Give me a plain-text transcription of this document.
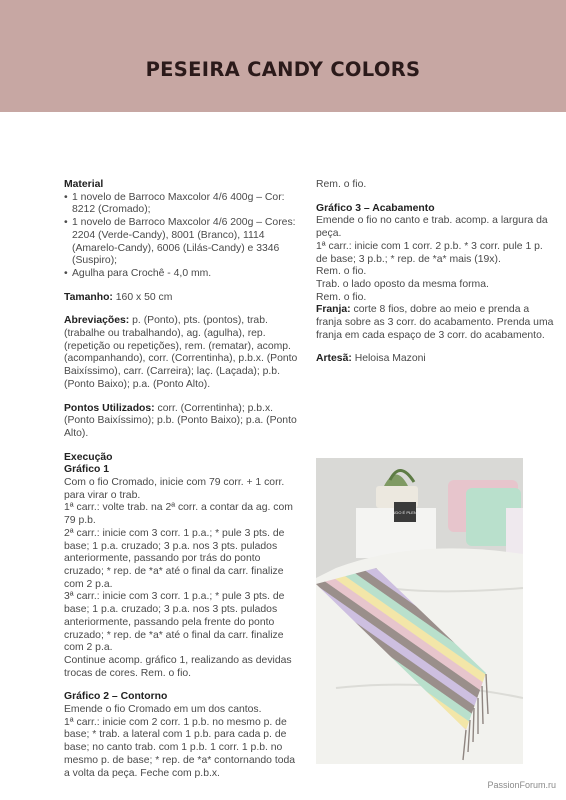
PESEIRA CANDY COLORS

Material

• 1 novelo de Barroco Maxcolor 4/6 400g – Cor: 8212 (Cromado);
• 1 novelo de Barroco Maxcolor 4/6 200g – Cores: 2204 (Verde-Candy), 8001 (Branco), 1114 (Amarelo-Candy), 6006 (Lilás-Candy) e 3346 (Suspiro);
• Agulha para Crochê - 4,0 mm.

Tamanho: 160 x 50 cm

Abreviações: p. (Ponto), pts. (pontos), trab. (trabalhe ou trabalhando), ag. (agulha), rep. (repetição ou repetições), rem. (rematar), acomp. (acompanhando), corr. (Correntinha), p.b.x. (Ponto Baixíssimo), carr. (Carreira); laç. (Laçada); p.b. (Ponto Baixo); p.a. (Ponto Alto).

Pontos Utilizados: corr. (Correntinha); p.b.x. (Ponto Baixíssimo); p.b. (Ponto Baixo); p.a. (Ponto Alto).

Execução

Gráfico 1

Com o fio Cromado, inicie com 79 corr. + 1 corr. para virar o trab.

1ª carr.: volte trab. na 2ª corr. a contar da ag. com 79 p.b.

2ª carr.: inicie com 3 corr. 1 p.a.; * pule 3 pts. de base; 1 p.a. cruzado; 3 p.a. nos 3 pts. pulados anteriormente, passando por trás do ponto cruzado; * rep. de *a* até o final da carr. finalize com 2 p.a.

3ª carr.: inicie com 3 corr. 1 p.a.; * pule 3 pts. de base; 1 p.a. cruzado; 3 p.a. nos 3 pts. pulados anteriormente, passando pela frente do ponto cruzado; * rep. de *a* até o final da carr. finalize com 2 p.a.

Continue acomp. gráfico 1, realizando as devidas trocas de cores. Rem. o fio.

Gráfico 2 – Contorno

Emende o fio Cromado em um dos cantos.

1ª carr.: inicie com 2 corr. 1 p.b. no mesmo p. de base; * trab. a lateral com 1 p.b. para cada p. de base; no canto trab. com 1 p.b. 1 corr. 1 p.b. no mesmo p. de base; * rep. de *a* contornando toda a volta da peça. Feche com p.b.x.

Rem. o fio.

Gráfico 3 – Acabamento

Emende o fio no canto e trab. acomp. a largura da peça.

1ª carr.: inicie com 1 corr. 2 p.b. * 3 corr. pule 1 p. de base; 3 p.b.; * rep. de *a* mais (19x).

Rem. o fio.

Trab. o lado oposto da mesma forma.

Rem. o fio.

Franja: corte 8 fios, dobre ao meio e prenda a franja sobre as 3 corr. do acabamento. Prenda uma franja em cada espaço de 3 corr. do acabamento.

Artesã: Heloisa Mazoni

TUDO É PLENO
PassionForum.ru
